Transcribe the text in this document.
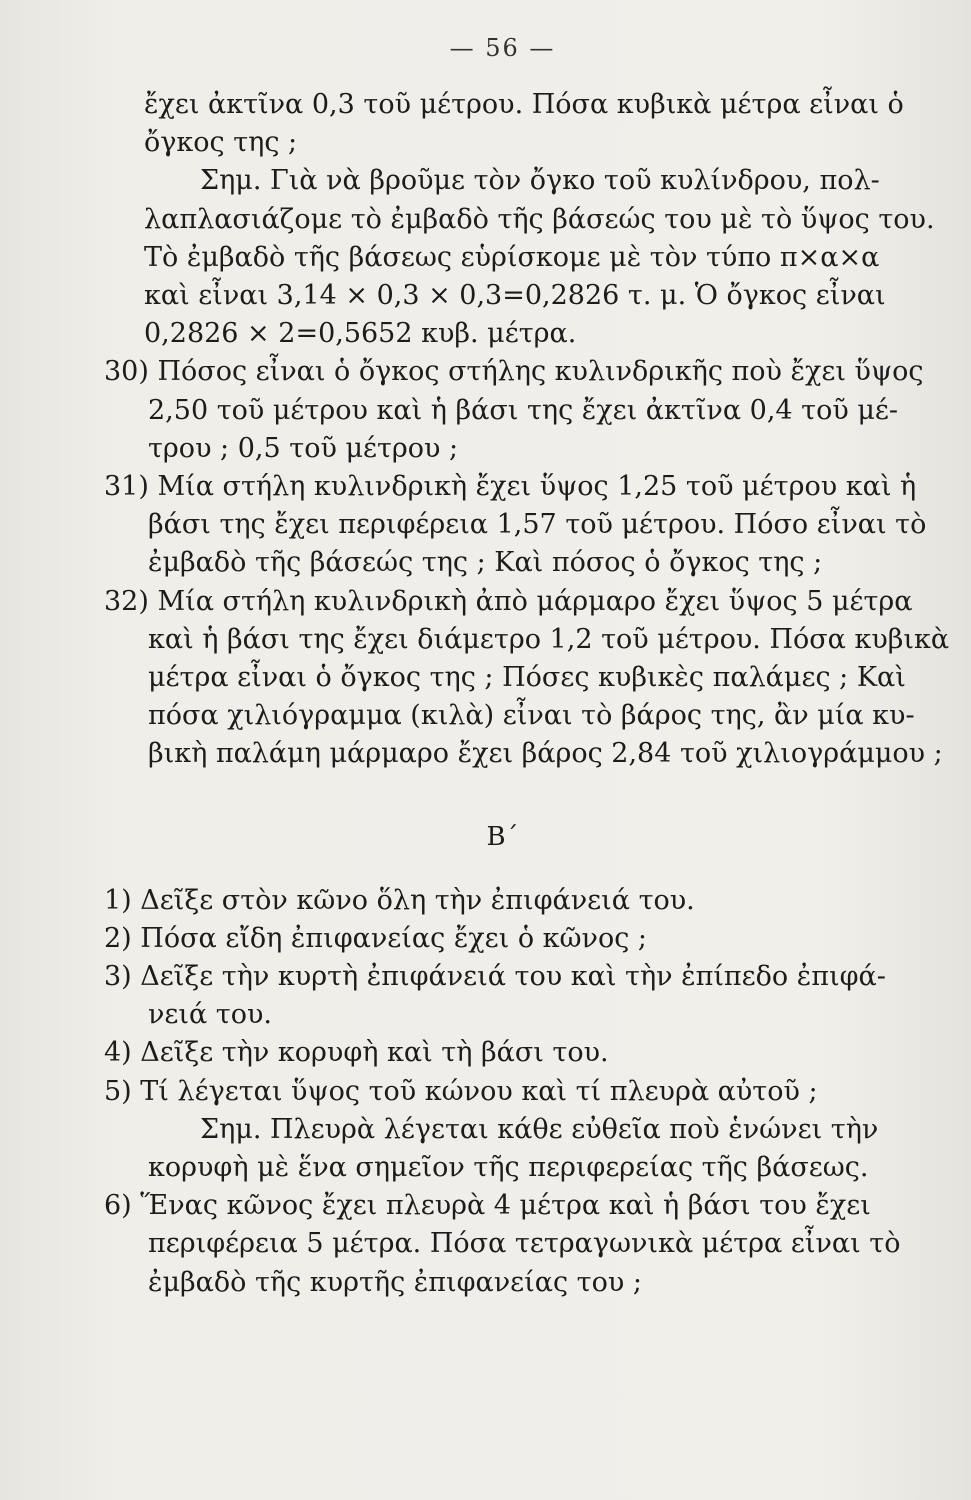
— 56 —

ἔχει ἀκτῖνα 0,3 τοῦ μέτρου. Πόσα κυβικὰ μέτρα εἶναι ὁ

ὄγκος της ;

Σημ. Γιὰ νὰ βροῦμε τὸν ὄγκο τοῦ κυλίνδρου, πολ-

λαπλασιάζομε τὸ ἐμβαδὸ τῆς βάσεώς του μὲ τὸ ὕψος του.

Τὸ ἐμβαδὸ τῆς βάσεως εὑρίσκομε μὲ τὸν τύπο π×α×α

καὶ εἶναι 3,14 × 0,3 × 0,3=0,2826 τ. μ. Ὁ ὄγκος εἶναι

0,2826 × 2=0,5652 κυβ. μέτρα.

30) Πόσος εἶναι ὁ ὄγκος στήλης κυλινδρικῆς ποὺ ἔχει ὕψος

2,50 τοῦ μέτρου καὶ ἡ βάσι της ἔχει ἀκτῖνα 0,4 τοῦ μέ-

τρου ; 0,5 τοῦ μέτρου ;

31) Μία στήλη κυλινδρικὴ ἔχει ὕψος 1,25 τοῦ μέτρου καὶ ἡ

βάσι της ἔχει περιφέρεια 1,57 τοῦ μέτρου. Πόσο εἶναι τὸ

ἐμβαδὸ τῆς βάσεώς της ; Καὶ πόσος ὁ ὄγκος της ;

32) Μία στήλη κυλινδρικὴ ἀπὸ μάρμαρο ἔχει ὕψος 5 μέτρα

καὶ ἡ βάσι της ἔχει διάμετρο 1,2 τοῦ μέτρου. Πόσα κυβικὰ

μέτρα εἶναι ὁ ὄγκος της ; Πόσες κυβικὲς παλάμες ; Καὶ

πόσα χιλιόγραμμα (κιλὰ) εἶναι τὸ βάρος της, ἂν μία κυ-

βικὴ παλάμη μάρμαρο ἔχει βάρος 2,84 τοῦ χιλιογράμμου ;

Β´

1) Δεῖξε στὸν κῶνο ὅλη τὴν ἐπιφάνειά του.

2) Πόσα εἴδη ἐπιφανείας ἔχει ὁ κῶνος ;

3) Δεῖξε τὴν κυρτὴ ἐπιφάνειά του καὶ τὴν ἐπίπεδο ἐπιφά-

νειά του.

4) Δεῖξε τὴν κορυφὴ καὶ τὴ βάσι του.

5) Τί λέγεται ὕψος τοῦ κώνου καὶ τί πλευρὰ αὐτοῦ ;

Σημ. Πλευρὰ λέγεται κάθε εὐθεῖα ποὺ ἑνώνει τὴν

κορυφὴ μὲ ἕνα σημεῖον τῆς περιφερείας τῆς βάσεως.

6) Ἕνας κῶνος ἔχει πλευρὰ 4 μέτρα καὶ ἡ βάσι του ἔχει

περιφέρεια 5 μέτρα. Πόσα τετραγωνικὰ μέτρα εἶναι τὸ

ἐμβαδὸ τῆς κυρτῆς ἐπιφανείας του ;
